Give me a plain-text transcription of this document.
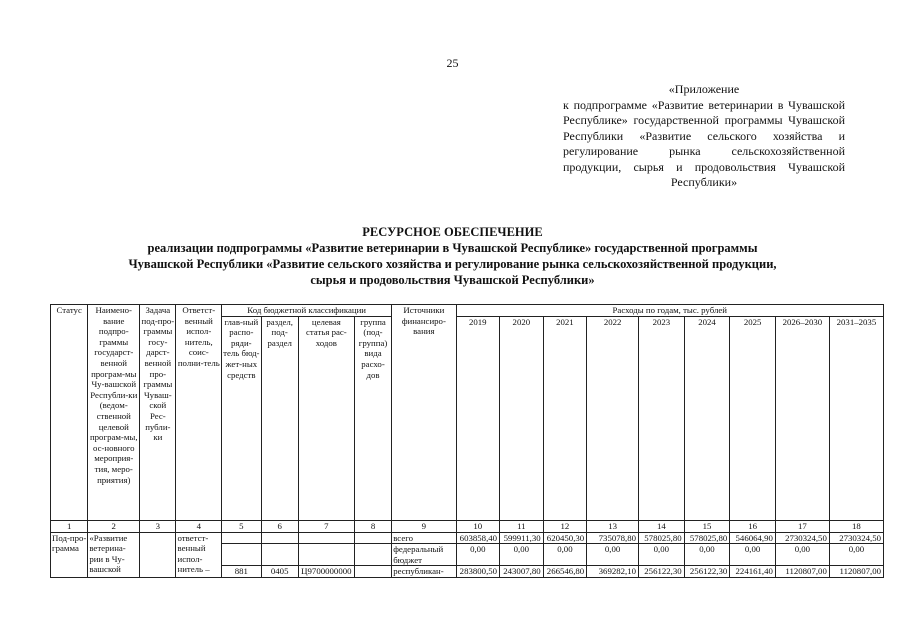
25
«Приложение
к подпрограмме «Развитие ветеринарии в Чувашской Республике» государственной программы Чувашской Республики «Развитие сельского хозяйства и регулирование рынка сельскохозяйственной продукции, сырья и продовольствия Чувашской Республики»
РЕСУРСНОЕ ОБЕСПЕЧЕНИЕ
реализации подпрограммы «Развитие ветеринарии в Чувашской Республике» государственной программы
Чувашской Республики «Развитие сельского хозяйства и регулирование рынка сельскохозяйственной продукции,
сырья и продовольствия Чувашской Республики»
Статус	Наимено-вание подпро-граммы государст-венной програм-мы Чу-вашской Республи-ки (ведом-ственной целевой програм-мы, ос-новного мероприя-тия, меро-приятия)	Задача под-про-граммы госу-дарст-венной про-граммы Чуваш-ской Рес-публи-ки	Ответст-венный испол-нитель, соис-полни-тель	Код бюджетной классификации				Источники финансиро-вания	Расходы по годам, тыс. рублей								
				глав-ный распо-ряди-тель бюд-жет-ных средств	раздел, под-раздел	целевая статья рас-ходов	группа (под-группа) вида расхо-дов		2019	2020	2021	2022	2023	2024	2025	2026–2030	2031–2035
1	2	3	4	5	6	7	8	9	10	11	12	13	14	15	16	17	18
Под-про-грамма	«Развитие ветерина-рии в Чу-вашской		ответст-венный испол-нитель –					всего	603858,40	599911,30	620450,30	735078,80	578025,80	578025,80	546064,90	2730324,50	2730324,50
								федеральный бюджет	0,00	0,00	0,00	0,00	0,00	0,00	0,00	0,00	0,00
				881	0405	Ц9700000000		республикан-	283800,50	243007,80	266546,80	369282,10	256122,30	256122,30	224161,40	1120807,00	1120807,00
